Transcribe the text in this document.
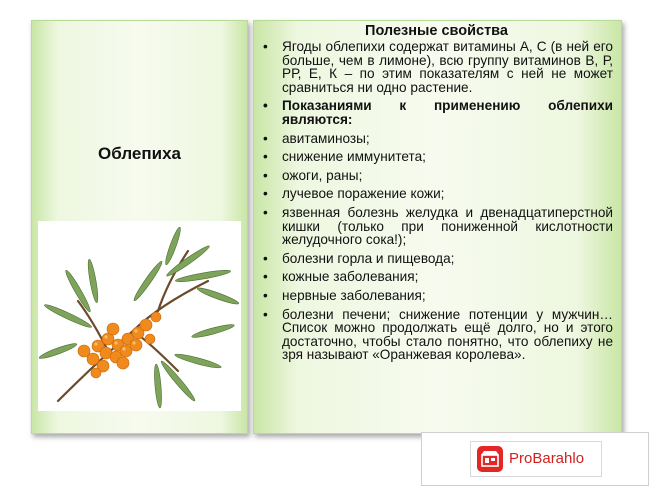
Облепиха
Полезные свойства
• Ягоды облепихи содержат витамины А, С (в ней его больше, чем в лимоне), всю группу витаминов В, Р, РР, Е, К – по этим показателям с ней не может сравниться ни одно растение.
• Показаниями к применению облепихи являются:
• авитаминозы;
• снижение иммунитета;
• ожоги, раны;
• лучевое поражение кожи;
• язвенная болезнь желудка и двенадцатиперстной кишки (только при пониженной кислотности желудочного сока!);
• болезни горла и пищевода;
• кожные заболевания;
• нервные заболевания;
• болезни печени; снижение потенции у мужчин… Список можно продолжать ещё долго, но и этого достаточно, чтобы стало понятно, что облепиху не зря называют «Оранжевая королева».
ProBarahlo
